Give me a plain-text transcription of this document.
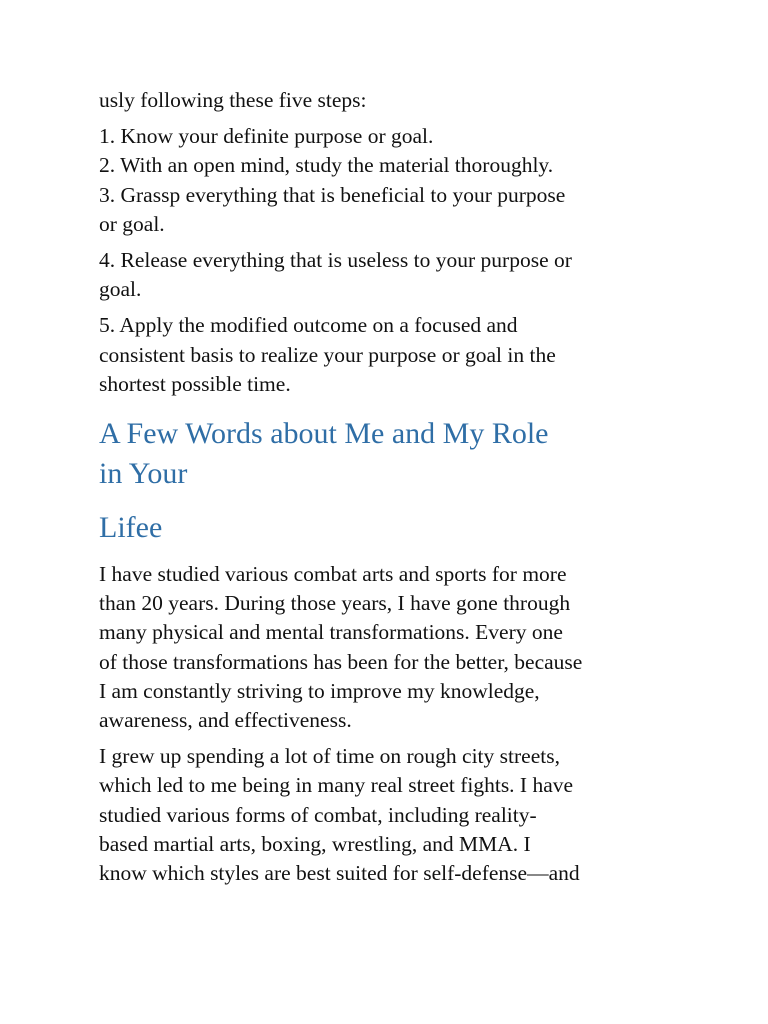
usly following these five steps:

1. Know your definite purpose or goal.
2. With an open mind, study the material thoroughly.
3. Grassp everything that is beneficial to your purpose
or goal.

4. Release everything that is useless to your purpose or
goal.

5. Apply the modified outcome on a focused and
consistent basis to realize your purpose or goal in the
shortest possible time.

A Few Words about Me and My Role
in Your
Lifee

I have studied various combat arts and sports for more
than 20 years. During those years, I have gone through
many physical and mental transformations. Every one
of those transformations has been for the better, because
I am constantly striving to improve my knowledge,
awareness, and effectiveness.

I grew up spending a lot of time on rough city streets,
which led to me being in many real street fights. I have
studied various forms of combat, including reality-
based martial arts, boxing, wrestling, and MMA. I
know which styles are best suited for self-defense—and
